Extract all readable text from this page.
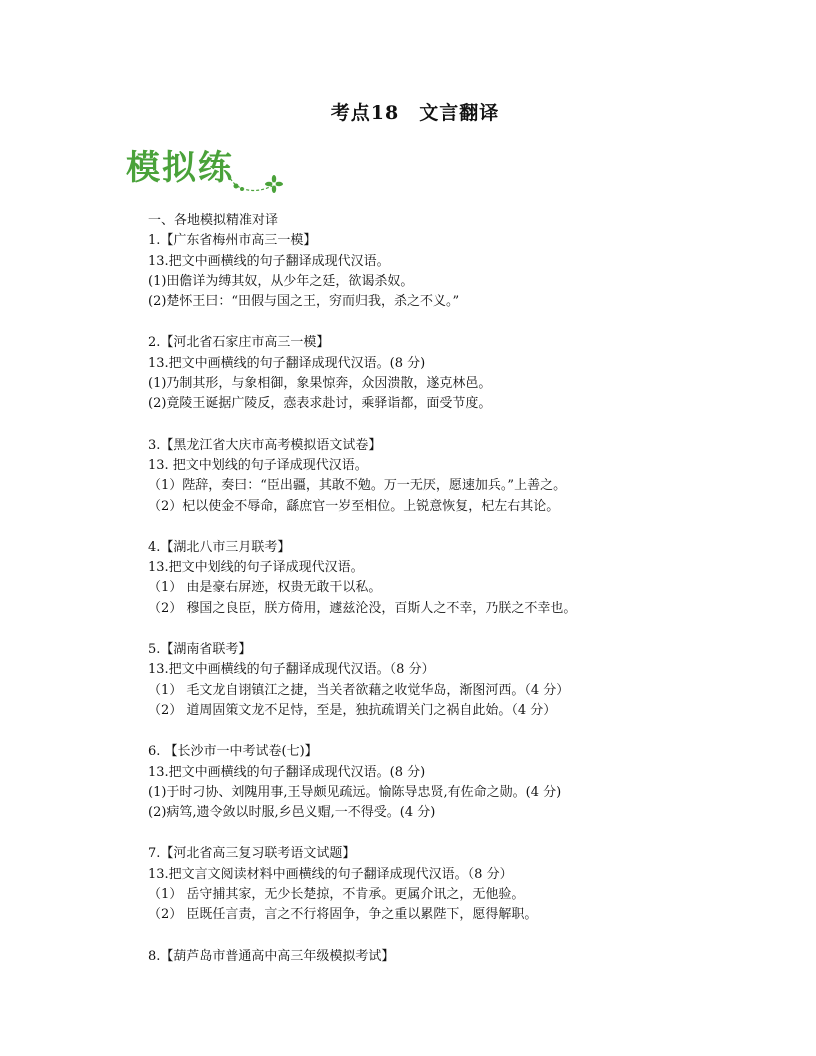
考点18　文言翻译
模拟练
一、各地模拟精准对译
1.【广东省梅州市高三一模】
13.把文中画横线的句子翻译成现代汉语。
(1)田儋详为缚其奴，从少年之廷，欲谒杀奴。
(2)楚怀王曰：“田假与国之王，穷而归我，杀之不义。”
2.【河北省石家庄市高三一模】
13.把文中画横线的句子翻译成现代汉语。(8 分)
(1)乃制其形，与象相御，象果惊奔，众因溃散，遂克林邑。
(2)竟陵王诞据广陵反，悫表求赴讨，乘驿诣都，面受节度。
3.【黑龙江省大庆市高考模拟语文试卷】
13. 把文中划线的句子译成现代汉语。
（1）陛辞，奏曰：“臣出疆，其敢不勉。万一无厌，愿速加兵。”上善之。
（2）杞以使金不辱命，繇庶官一岁至相位。上锐意恢复，杞左右其论。
4.【湖北八市三月联考】
13.把文中划线的句子译成现代汉语。
（1） 由是豪右屏迹，权贵无敢干以私。
（2） 穆国之良臣，朕方倚用，遽兹沦没，百斯人之不幸，乃朕之不幸也。
5.【湖南省联考】
13.把文中画横线的句子翻译成现代汉语。（8 分）
（1） 毛文龙自诩镇江之捷，当关者欲藉之收觉华岛，渐图河西。（4 分）
（2） 道周固策文龙不足恃，至是，独抗疏谓关门之祸自此始。（4 分）
6. 【长沙市一中考试卷(七)】
13.把文中画横线的句子翻译成现代汉语。(8 分)
(1)于时刁协、刘隗用事,王导颇见疏远。愉陈导忠贤,有佐命之勋。(4 分)
(2)病笃,遗令敛以时服,乡邑义赗,一不得受。(4 分)
7.【河北省高三复习联考语文试题】
13.把文言文阅读材料中画横线的句子翻译成现代汉语。（8 分）
（1） 岳守捕其家，无少长楚掠，不肯承。更属介讯之，无他验。
（2） 臣既任言责，言之不行将固争，争之重以累陛下，愿得解职。
8.【葫芦岛市普通高中高三年级模拟考试】
